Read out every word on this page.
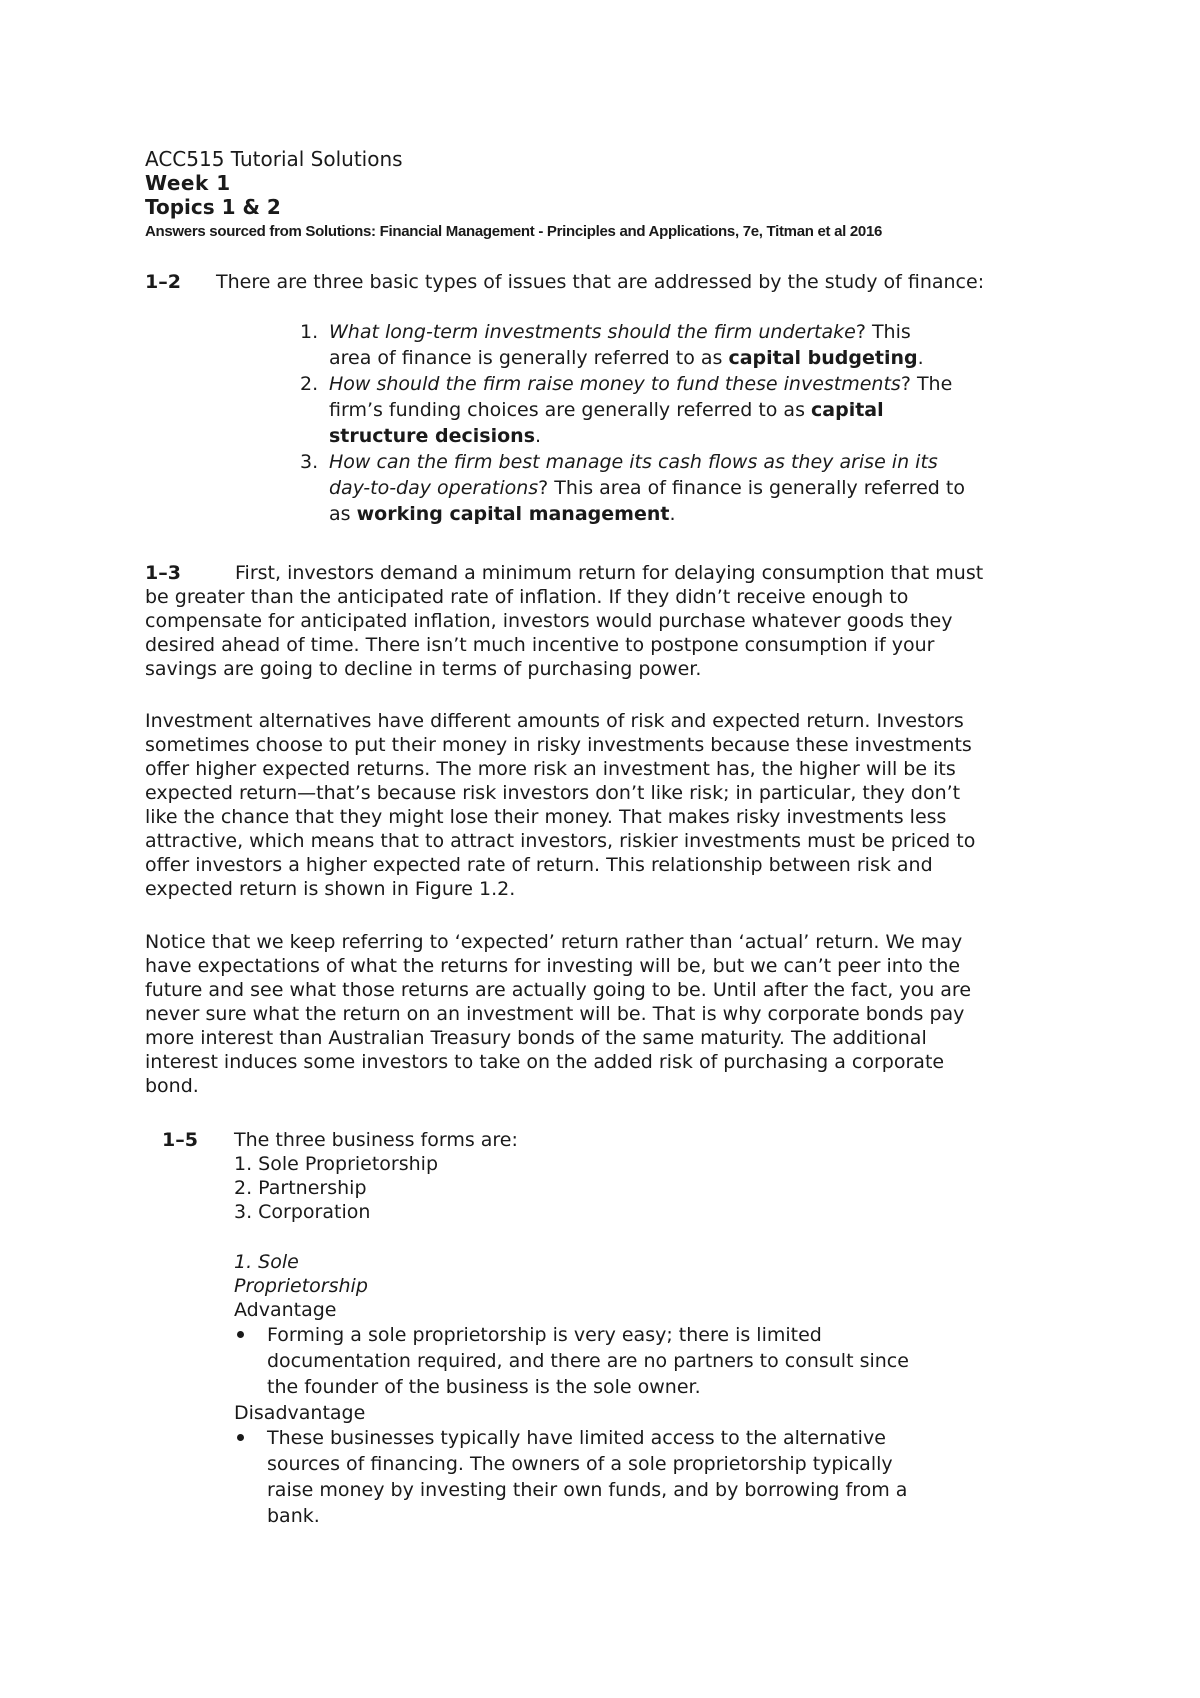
ACC515 Tutorial Solutions
Week 1
Topics 1 & 2
Answers sourced from Solutions: Financial Management - Principles and Applications, 7e, Titman et al 2016
1–2 There are three basic types of issues that are addressed by the study of finance:
1. What long-term investments should the firm undertake? This
area of finance is generally referred to as capital budgeting.
2. How should the firm raise money to fund these investments? The
firm’s funding choices are generally referred to as capital
structure decisions.
3. How can the firm best manage its cash flows as they arise in its
day-to-day operations? This area of finance is generally referred to
as working capital management.
1–3	First, investors demand a minimum return for delaying consumption that must
be greater than the anticipated rate of inflation. If they didn’t receive enough to
compensate for anticipated inflation, investors would purchase whatever goods they
desired ahead of time. There isn’t much incentive to postpone consumption if your
savings are going to decline in terms of purchasing power.
Investment alternatives have different amounts of risk and expected return. Investors
sometimes choose to put their money in risky investments because these investments
offer higher expected returns. The more risk an investment has, the higher will be its
expected return—that’s because risk investors don’t like risk; in particular, they don’t
like the chance that they might lose their money. That makes risky investments less
attractive, which means that to attract investors, riskier investments must be priced to
offer investors a higher expected rate of return. This relationship between risk and
expected return is shown in Figure 1.2.
Notice that we keep referring to ‘expected’ return rather than ‘actual’ return. We may
have expectations of what the returns for investing will be, but we can’t peer into the
future and see what those returns are actually going to be. Until after the fact, you are
never sure what the return on an investment will be. That is why corporate bonds pay
more interest than Australian Treasury bonds of the same maturity. The additional
interest induces some investors to take on the added risk of purchasing a corporate
bond.
1–5 The three business forms are:
1. Sole Proprietorship
2. Partnership
3. Corporation
1. Sole
Proprietorship
Advantage
Forming a sole proprietorship is very easy; there is limited
documentation required, and there are no partners to consult since
the founder of the business is the sole owner.
Disadvantage
These businesses typically have limited access to the alternative
sources of financing. The owners of a sole proprietorship typically
raise money by investing their own funds, and by borrowing from a
bank.
